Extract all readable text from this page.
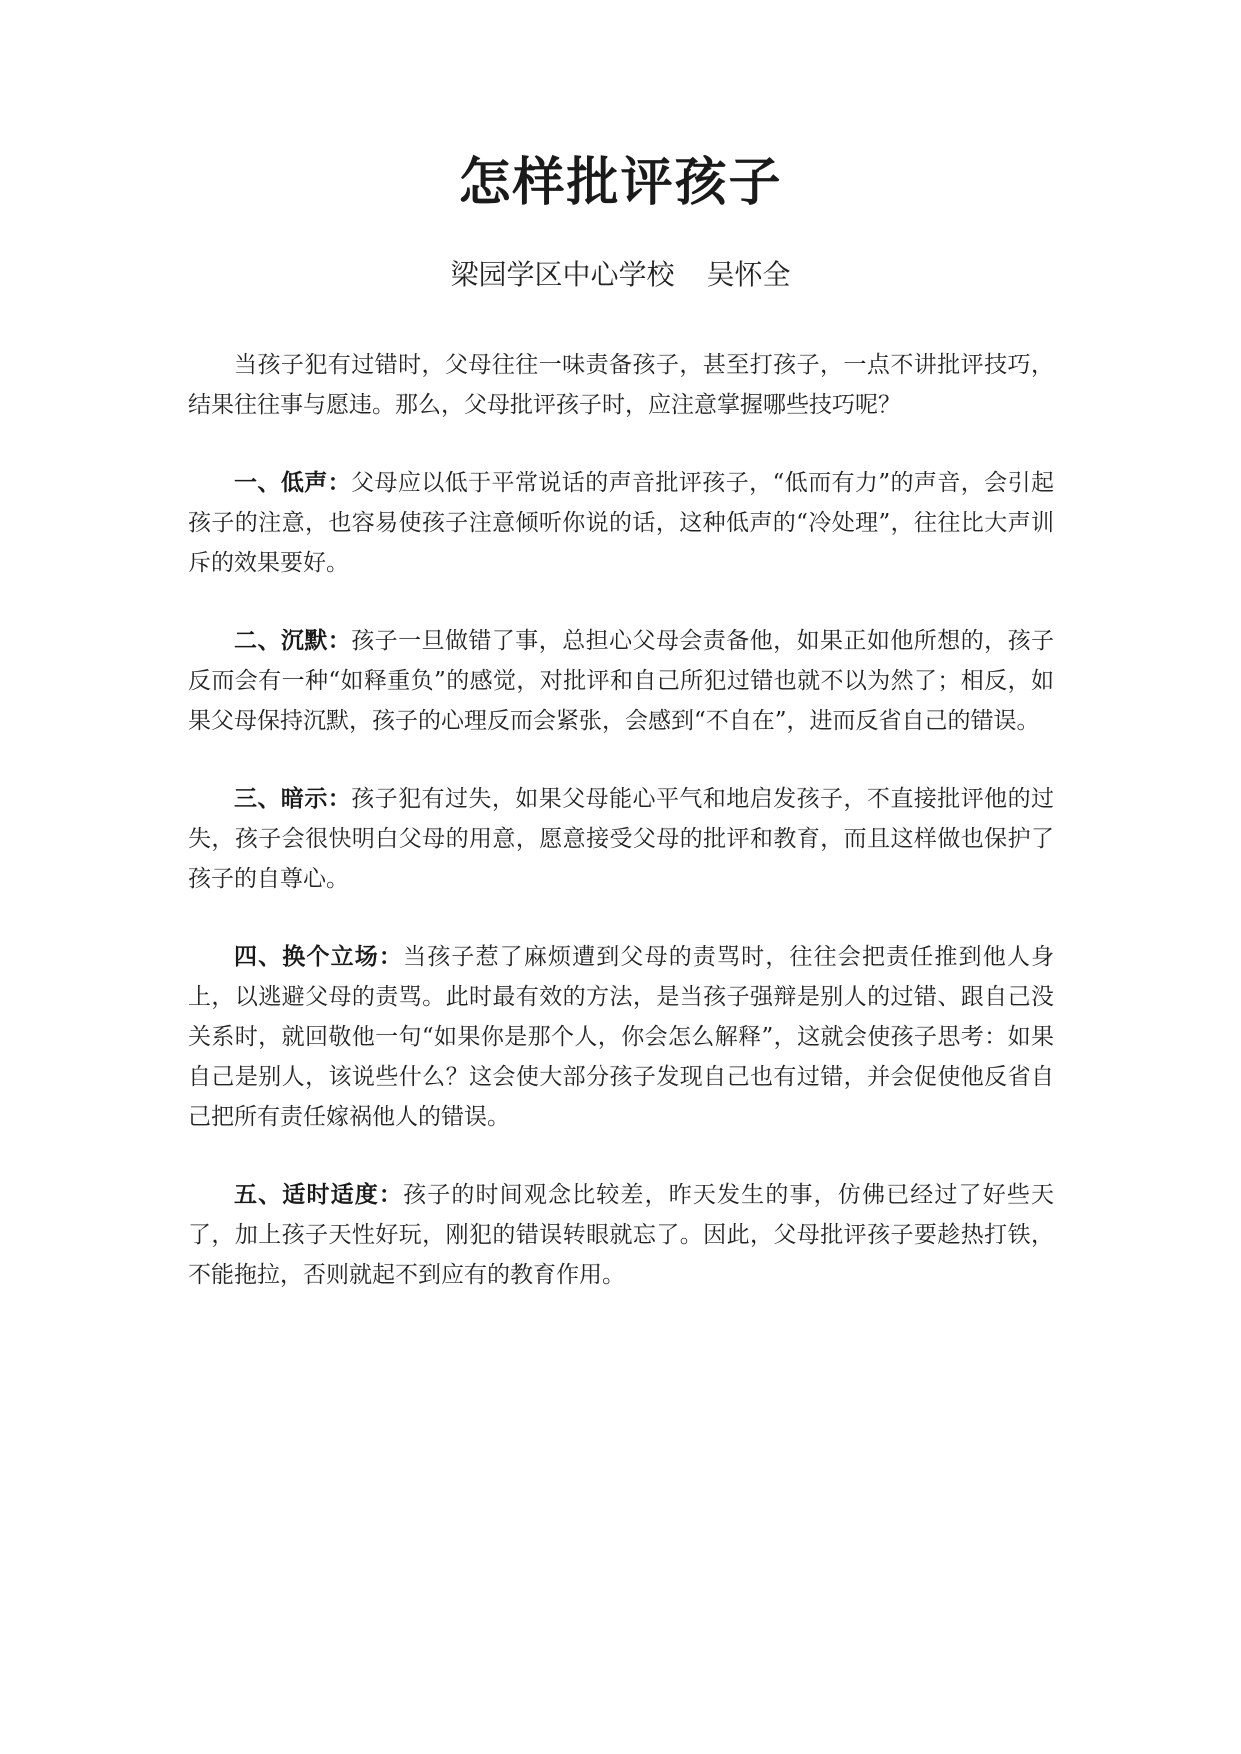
怎样批评孩子
梁园学区中心学校 吴怀全

当孩子犯有过错时，父母往往一味责备孩子，甚至打孩子，一点不讲批评技巧，结果往往事与愿违。那么，父母批评孩子时，应注意掌握哪些技巧呢？

一、低声：父母应以低于平常说话的声音批评孩子，“低而有力”的声音，会引起孩子的注意，也容易使孩子注意倾听你说的话，这种低声的“冷处理”，往往比大声训斥的效果要好。

二、沉默：孩子一旦做错了事，总担心父母会责备他，如果正如他所想的，孩子反而会有一种“如释重负”的感觉，对批评和自己所犯过错也就不以为然了；相反，如果父母保持沉默，孩子的心理反而会紧张，会感到“不自在”，进而反省自己的错误。

三、暗示：孩子犯有过失，如果父母能心平气和地启发孩子，不直接批评他的过失，孩子会很快明白父母的用意，愿意接受父母的批评和教育，而且这样做也保护了孩子的自尊心。

四、换个立场：当孩子惹了麻烦遭到父母的责骂时，往往会把责任推到他人身上，以逃避父母的责骂。此时最有效的方法，是当孩子强辩是别人的过错、跟自己没关系时，就回敬他一句“如果你是那个人，你会怎么解释”，这就会使孩子思考：如果自己是别人，该说些什么？这会使大部分孩子发现自己也有过错，并会促使他反省自己把所有责任嫁祸他人的错误。

五、适时适度：孩子的时间观念比较差，昨天发生的事，仿佛已经过了好些天了，加上孩子天性好玩，刚犯的错误转眼就忘了。因此，父母批评孩子要趁热打铁，不能拖拉，否则就起不到应有的教育作用。
